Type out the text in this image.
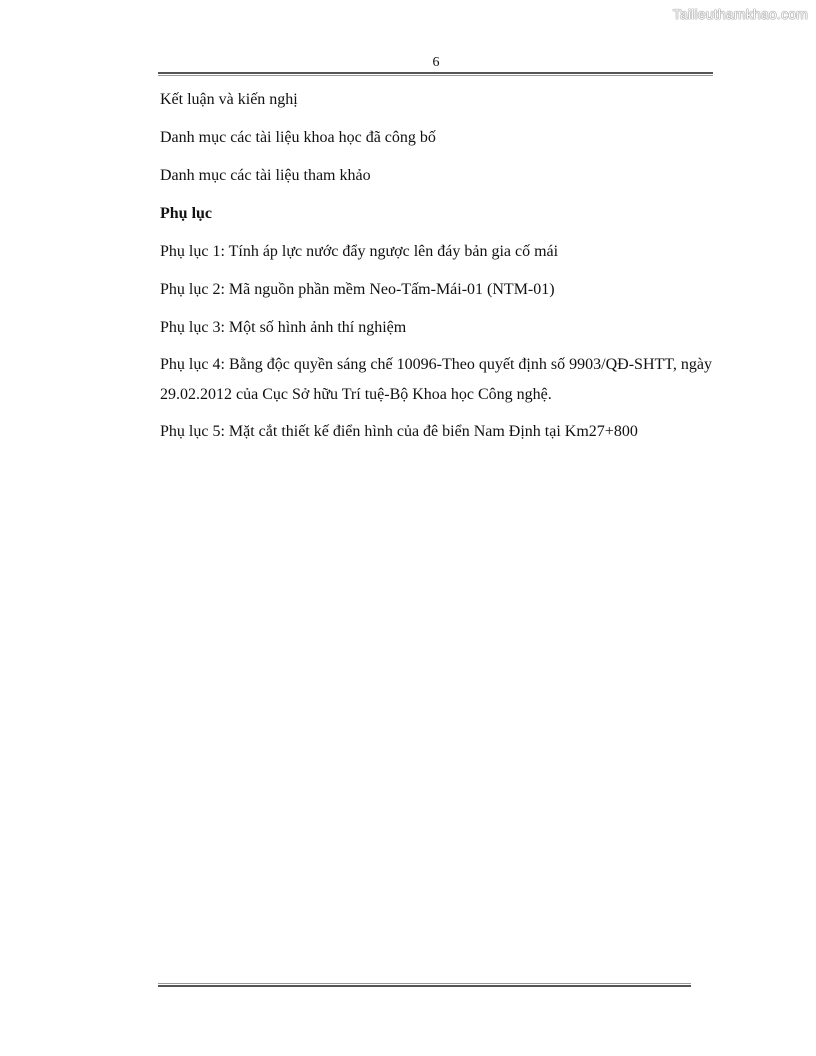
Tailieuthamkhao.com
6

Kết luận và kiến nghị

Danh mục các tài liệu khoa học đã công bố

Danh mục các tài liệu tham khảo

Phụ lục

Phụ lục 1: Tính áp lực nước đẩy ngược lên đáy bản gia cố mái

Phụ lục 2: Mã nguồn phần mềm Neo-Tấm-Mái-01 (NTM-01)

Phụ lục 3: Một số hình ảnh thí nghiệm

Phụ lục 4: Bằng độc quyền sáng chế 10096-Theo quyết định số 9903/QĐ-SHTT, ngày 29.02.2012 của Cục Sở hữu Trí tuệ-Bộ Khoa học Công nghệ.

Phụ lục 5: Mặt cắt thiết kế điển hình của đê biển Nam Định tại Km27+800
